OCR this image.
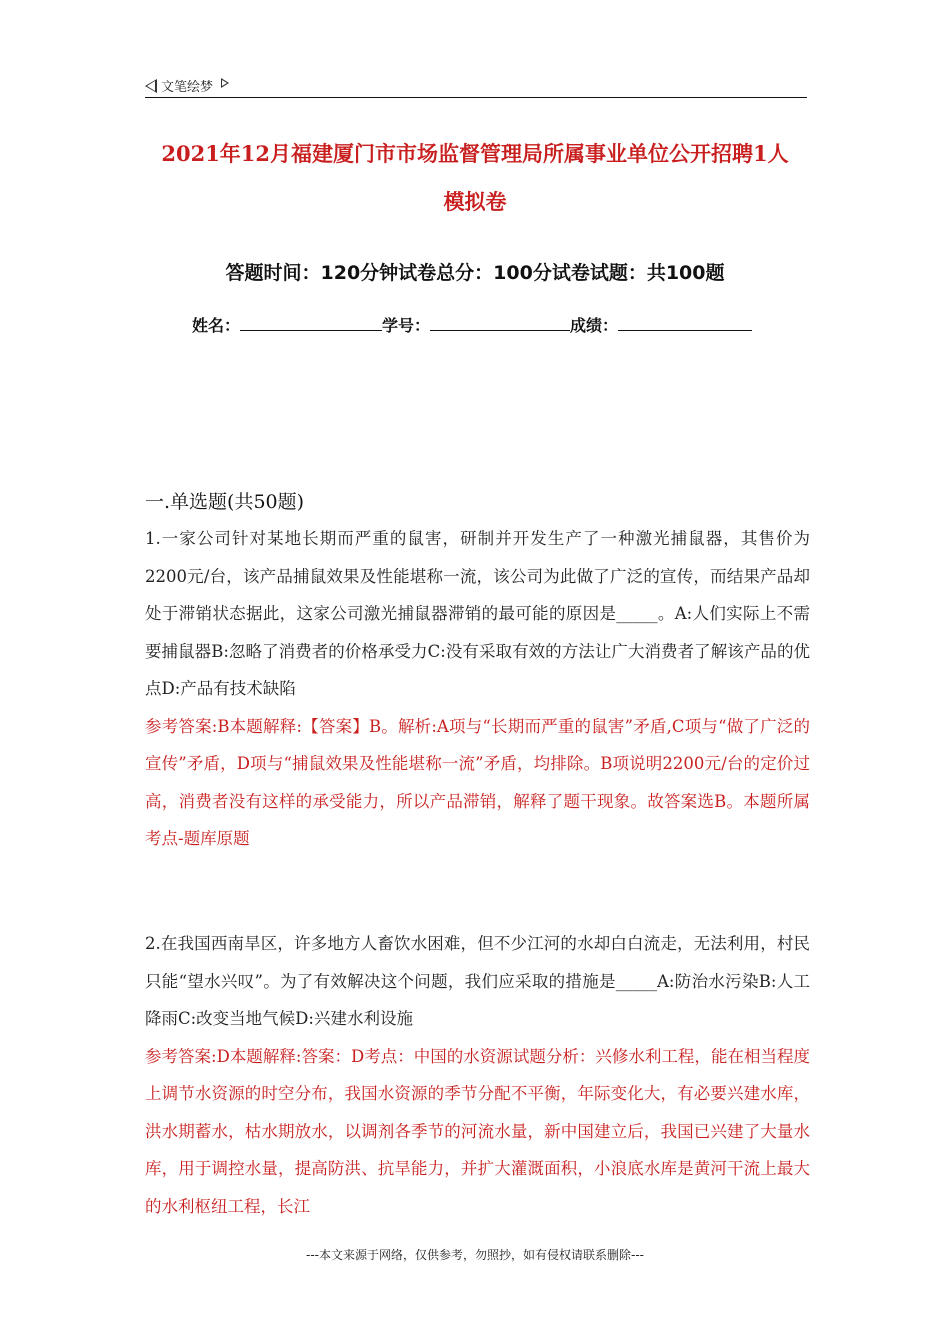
文笔绘梦
2021年12月福建厦门市市场监督管理局所属事业单位公开招聘1人
模拟卷
答题时间：120分钟试卷总分：100分试卷试题：共100题
姓名：	学号：	成绩：
一.单选题(共50题)
1.一家公司针对某地长期而严重的鼠害，研制并开发生产了一种激光捕鼠器，其售价为2200元/台，该产品捕鼠效果及性能堪称一流，该公司为此做了广泛的宣传，而结果产品却处于滞销状态据此，这家公司激光捕鼠器滞销的最可能的原因是_____。A:人们实际上不需要捕鼠器B:忽略了消费者的价格承受力C:没有采取有效的方法让广大消费者了解该产品的优点D:产品有技术缺陷
参考答案:B本题解释:【答案】B。解析:A项与“长期而严重的鼠害”矛盾,C项与“做了广泛的宣传”矛盾，D项与“捕鼠效果及性能堪称一流”矛盾，均排除。B项说明2200元/台的定价过高，消费者没有这样的承受能力，所以产品滞销，解释了题干现象。故答案选B。本题所属考点-题库原题
2.在我国西南旱区，许多地方人畜饮水困难，但不少江河的水却白白流走，无法利用，村民只能“望水兴叹”。为了有效解决这个问题，我们应采取的措施是_____A:防治水污染B:人工降雨C:改变当地气候D:兴建水利设施
参考答案:D本题解释:答案：D考点：中国的水资源试题分析：兴修水利工程，能在相当程度上调节水资源的时空分布，我国水资源的季节分配不平衡，年际变化大，有必要兴建水库，洪水期蓄水，枯水期放水，以调剂各季节的河流水量，新中国建立后，我国已兴建了大量水库，用于调控水量，提高防洪、抗旱能力，并扩大灌溉面积，小浪底水库是黄河干流上最大的水利枢纽工程，长江
---本文来源于网络，仅供参考，勿照抄，如有侵权请联系删除---
